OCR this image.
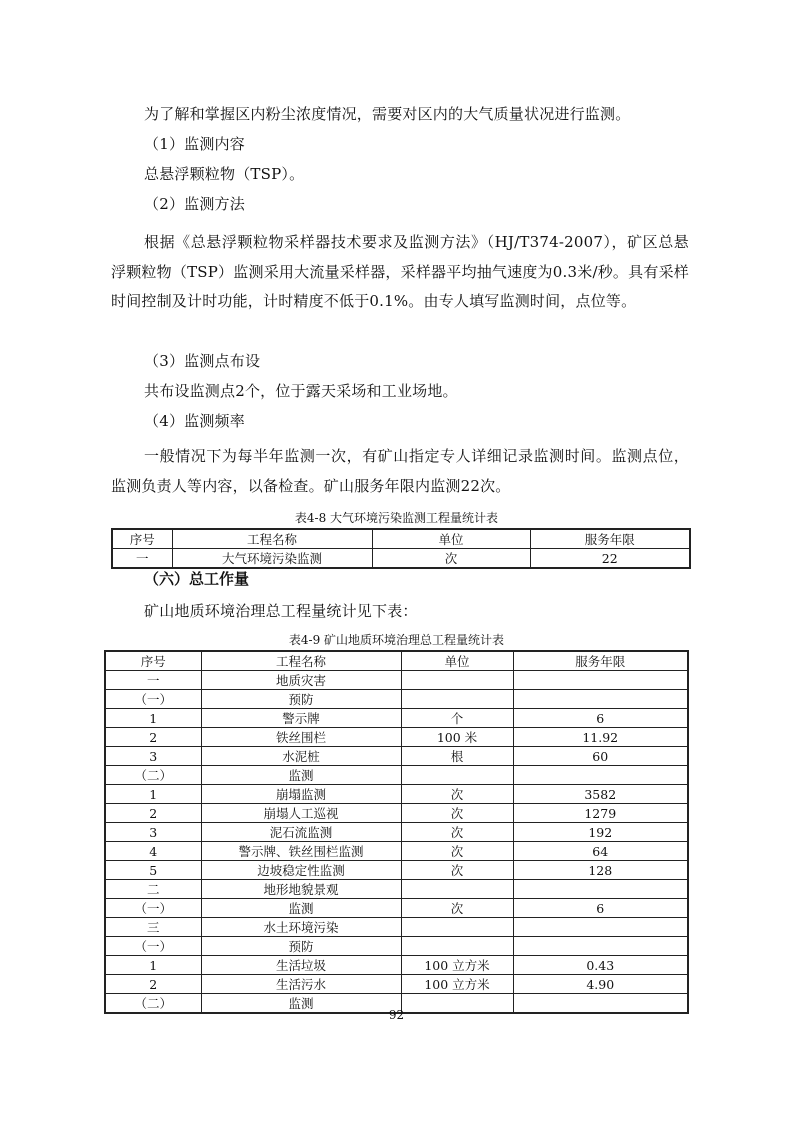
为了解和掌握区内粉尘浓度情况，需要对区内的大气质量状况进行监测。

（1）监测内容

总悬浮颗粒物（TSP）。

（2）监测方法

根据《总悬浮颗粒物采样器技术要求及监测方法》（HJ/T374-2007），矿区总悬浮颗粒物（TSP）监测采用大流量采样器，采样器平均抽气速度为0.3米/秒。具有采样时间控制及计时功能，计时精度不低于0.1%。由专人填写监测时间，点位等。

（3）监测点布设

共布设监测点2个，位于露天采场和工业场地。

（4）监测频率

一般情况下为每半年监测一次，有矿山指定专人详细记录监测时间。监测点位，监测负责人等内容，以备检查。矿山服务年限内监测22次。

表4-8 大气环境污染监测工程量统计表

序号	工程名称	单位	服务年限
一	大气环境污染监测	次	22

（六）总工作量

矿山地质环境治理总工程量统计见下表：

表4-9 矿山地质环境治理总工程量统计表

序号	工程名称	单位	服务年限
一	地质灾害		
（一）	预防		
1	警示牌	个	6
2	铁丝围栏	100 米	11.92
3	水泥桩	根	60
（二）	监测		
1	崩塌监测	次	3582
2	崩塌人工巡视	次	1279
3	泥石流监测	次	192
4	警示牌、铁丝围栏监测	次	64
5	边坡稳定性监测	次	128
二	地形地貌景观		
（一）	监测	次	6
三	水土环境污染		
（一）	预防		
1	生活垃圾	100 立方米	0.43
2	生活污水	100 立方米	4.90
（二）	监测		
92
